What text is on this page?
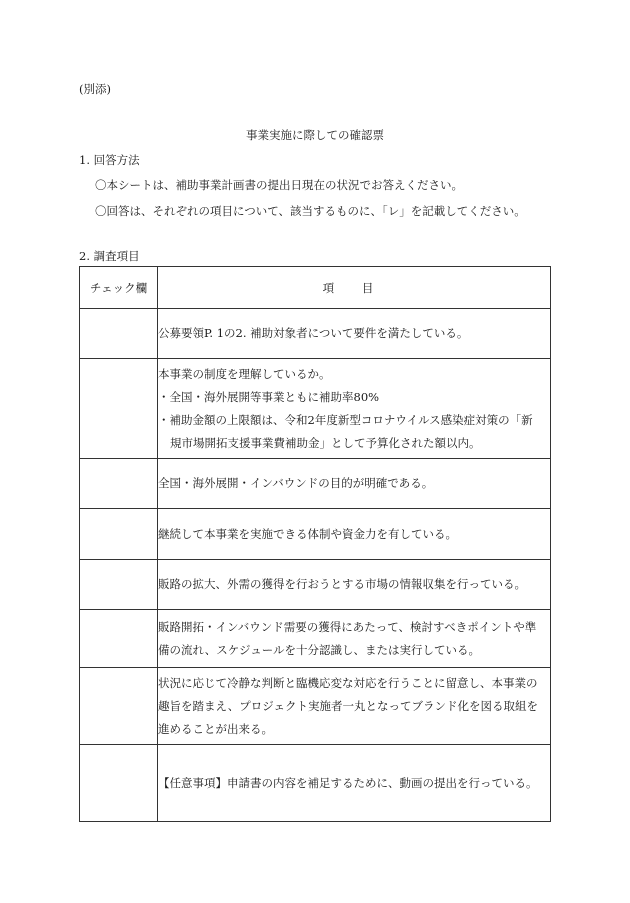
(別添)
事業実施に際しての確認票
1. 回答方法
〇本シートは、補助事業計画書の提出日現在の状況でお答えください。
〇回答は、それぞれの項目について、該当するものに、「レ」を記載してください。
2. 調査項目
チェック欄	項 目

	公募要領P. 1の2. 補助対象者について要件を満たしている。

	本事業の制度を理解しているか。
・全国・海外展開等事業ともに補助率80%
・補助金額の上限額は、令和2年度新型コロナウイルス感染症対策の「新
規市場開拓支援事業費補助金」として予算化された額以内。

	全国・海外展開・インバウンドの目的が明確である。

	継続して本事業を実施できる体制や資金力を有している。

	販路の拡大、外需の獲得を行おうとする市場の情報収集を行っている。

	販路開拓・インバウンド需要の獲得にあたって、検討すべきポイントや準
備の流れ、スケジュールを十分認識し、または実行している。

	状況に応じて冷静な判断と臨機応変な対応を行うことに留意し、本事業の
趣旨を踏まえ、プロジェクト実施者一丸となってブランド化を図る取組を
進めることが出来る。

	【任意事項】申請書の内容を補足するために、動画の提出を行っている。
